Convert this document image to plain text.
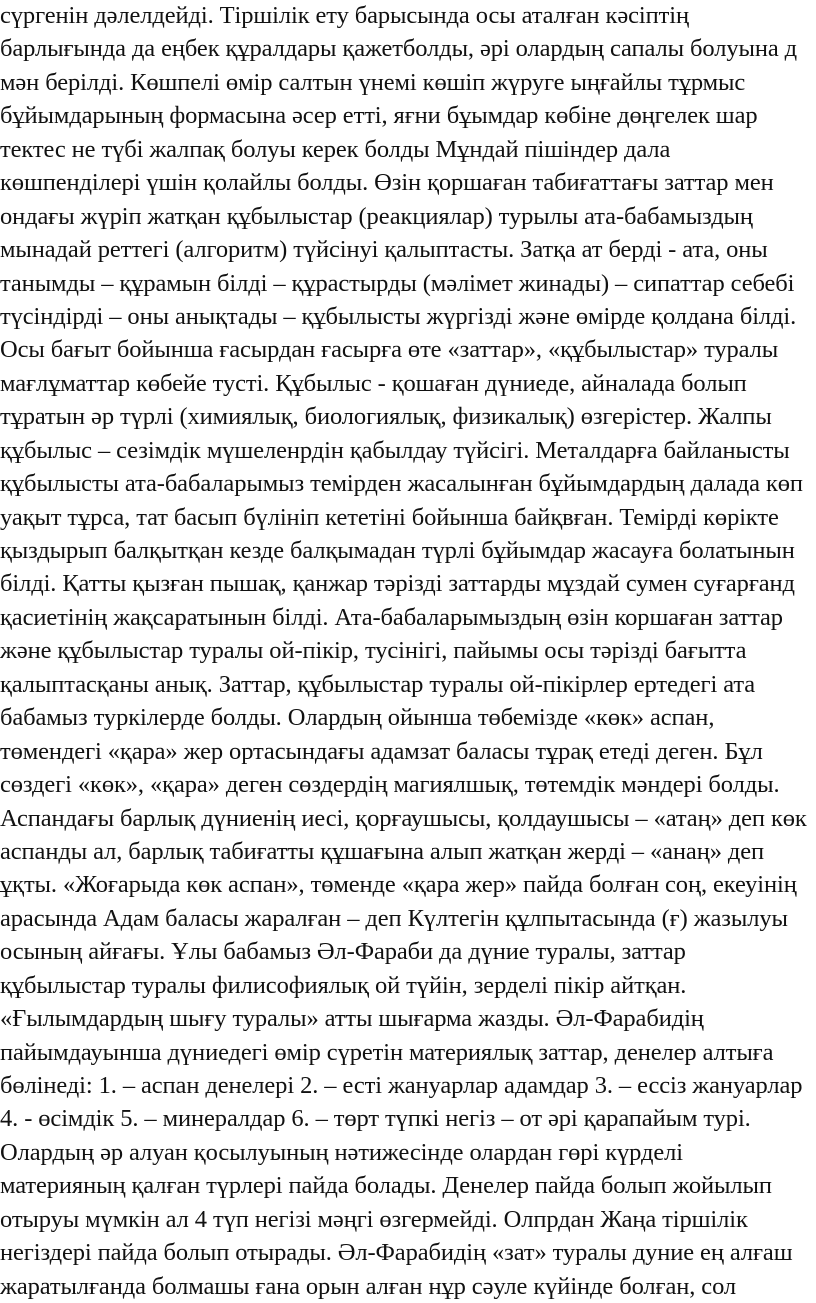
сүргенін дәлелдейді. Тіршілік ету барысында осы аталған кәсіптің
барлығында да еңбек құралдары қажетболды, әрі олардың сапалы болуына д
мән берілді. Көшпелі өмір салтын үнемі көшіп жүруге ыңғайлы тұрмыс
бұйымдарының формасына әсер етті, яғни бұымдар көбіне дөңгелек шар
тектес не түбі жалпақ болуы керек болды Мұндай пішіндер дала
көшпенділері үшін қолайлы болды. Өзін қоршаған табиғаттағы заттар мен
ондағы жүріп жатқан құбылыстар (реакциялар) турылы ата-бабамыздың
мынадай реттегі (алгоритм) түйсінуі қалыптасты. Затқа ат берді - ата, оны
танымды – құрамын білді – құрастырды (мәлімет жинады) – сипаттар себебі
түсіндірді – оны анықтады – құбылысты жүргізді және өмірде қолдана білді.
Осы бағыт бойынша ғасырдан ғасырға өте «заттар», «құбылыстар» туралы
мағлұматтар көбейе тусті. Құбылыс - қошаған дүниеде, айналада болып
тұратын әр түрлі (химиялық, биологиялық, физикалық) өзгерістер. Жалпы
құбылыс – сезімдік мүшеленрдін қабылдау түйсігі. Металдарға байланысты
құбылысты ата-бабаларымыз темірден жасалынған бұйымдардың далада көп
уақыт тұрса, тат басып бүлініп кететіні бойынша байқвған. Темірді көрікте
қыздырып балқытқан кезде балқымадан түрлі бұйымдар жасауға болатынын
білді. Қатты қызған пышақ, қанжар тәрізді заттарды мұздай сумен суғарғанд
қасиетінің жақсаратынын білді. Ата-бабаларымыздың өзін коршаған заттар
және құбылыстар туралы ой-пікір, тусінігі, пайымы осы тәрізді бағытта
қалыптасқаны анық. Заттар, құбылыстар туралы ой-пікірлер ертедегі ата
бабамыз туркілерде болды. Олардың ойынша төбемізде «көк» аспан,
төмендегі «қара» жер ортасындағы адамзат баласы тұрақ етеді деген. Бұл
сөздегі «көк», «қара» деген сөздердің магиялшық, төтемдік мәндері болды.
Аспандағы барлық дүниенің иесі, қорғаушысы, қолдаушысы – «атаң» деп көк
аспанды ал, барлық табиғатты құшағына алып жатқан жерді – «анаң» деп
ұқты. «Жоғарыда көк аспан», төменде «қара жер» пайда болған соң, екеуінің
арасында Адам баласы жаралған – деп Күлтегін құлпытасында (ғ) жазылуы
осының айғағы. Ұлы бабамыз Әл-Фараби да дүние туралы, заттар
құбылыстар туралы филисофиялық ой түйін, зерделі пікір айтқан.
«Ғылымдардың шығу туралы» атты шығарма жазды. Әл-Фарабидің
пайымдауынша дүниедегі өмір сүретін материялық заттар, денелер алтыға
бөлінеді: 1. – аспан денелері 2. – есті жануарлар адамдар 3. – ессіз жануарлар
4. - өсімдік 5. – минералдар 6. – төрт түпкі негіз – от әрі қарапайым турі.
Олардың әр алуан қосылуының нәтижесінде олардан гөрі күрделі
материяның қалған түрлері пайда болады. Денелер пайда болып жойылып
отыруы мүмкін ал 4 түп негізі мәңгі өзгермейді. Олпрдан Жаңа тіршілік
негіздері пайда болып отырады. Әл-Фарабидің «зат» туралы дуние ең алғаш
жаратылғанда болмашы ғана орын алған нұр сәуле күйінде болған, сол
